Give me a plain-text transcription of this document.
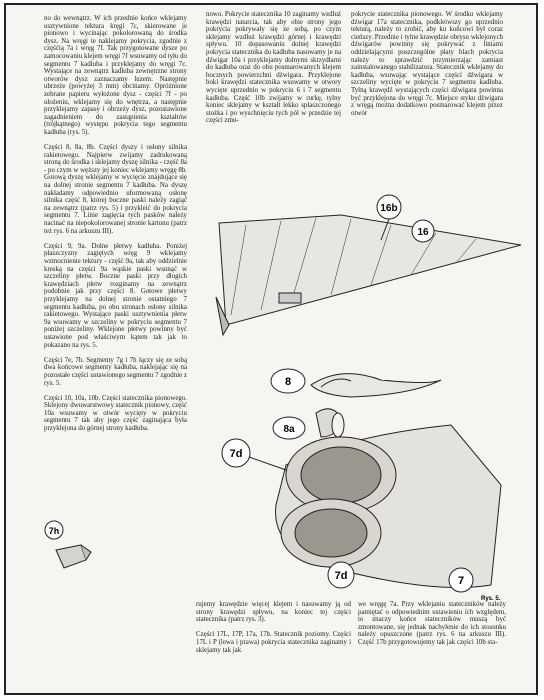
no do wewnątrz. W ich przednie końce wklejamy usztywnione tektura kręgi 7c, skierowane je pionowo i wycinając pokolorowaną do środka dysz. Na wręgi te naklejamy pokrycia, zgodnie z częśćią 7a i wręg 7f. Tak przygotowane dysze po zamocowaniu klejem wręgi 7f wsuwamy od tyłu do segmentu 7 kadłuba i przyklejamy do wręgi 7c. Wystające na zewnątrz kadłuba zewnętrzne strony otworów dysz zaznaczamy luzem. Następnie ubrzeże (powyżej 3 mm) obcinamy. Opróżnione zebrane papieru wyłożone dysz - części 7f - po ułożeniu, wklejamy się do wnętrza, a następnie przyklejamy zapasy i obrzeży dysz, pozostawione zagadnieniem do zastąpienia kształtów (trójkątnego) występu pokrycia tego segmentu kadłuba (rys. 5).

Części 8, 8a, 8b. Części dyszy i osłony silnika rakietowego. Najpierw zwijamy zadrukowaną stroną do środka i sklejamy dyszę silnika - część 8a - po czym w węższy jej koniec wklejamy wręgę 8b. Gotową dyszę wklejamy w wycięcie znajdujące się na dolnej stronie segmentu 7 kadłuba. Na dyszę nakładamy odpowiednio uformowaną osłonę silnika część 8, której boczne paski należy zagiąć na zewnątrz (patrz rys. 5) i przykleić do pokrycia segmentu 7. Linie zagięcia tych pasków należy nacinać na niepokolorowanej stronie kartonu (patrz też rys. 6 na arkuszu III).

Części 9, 9a. Dolne płetwy kadłuba. Poniżej płaszczyzny zagiętych wręg 9 wklejamy wzmocnienie tektury - część 9a, tak aby oddzielnie kreską na części 9a wąskie paski wsunąć w szczeliny płetw. Boczne paski przy długich krawędziach płetw rozginamy na zewnątrz podobnie jak przy części 8. Gotowe płetwy przyklejamy na dolnej stronie ostatniego 7 segmentu kadłuba, po obu stronach osłony silnika rakietowego. Wystające paski usztywnienia płetw 9a wsuwamy w szczeliny w pokryciu segmentu 7 poniżej szczeliny. Wklejone płetwy powinny być ustawione pod właściwym kątem tak jak to pokazano na rys. 5.

Części 7e, 7h. Segmenty 7g i 7h łączy się ze sobą dwa końcowe segmenty kadłuba, naklejając się na pozostałe części ustawionego segmentu 7 zgodnie z rys. 5.

Części 10, 10a, 10b. Części statecznika pionowego. Sklejony dwuwarstwowy statecznik pionowy, część 10a wsuwamy w otwór wycięty w pokryciu segmentu 7 tak aby jego część zaginająca była przyklejona do górnej strony kadłuba.
nowo. Pokrycie statecznika 10 zaginamy wzdłuż krawędzi natarcia, tak aby obie strony jego pokrycia pokrywały się ze sobą, po czym sklejamy wzdłuż krawędzi górnej i krawędzi spływu. 10 dopasowaniu dolnej krawędzi pokrycia statecznika do kadłuba nasuwamy je na dźwigar 10a i przyklejamy dolnymi skrzydłami do kadłuba oraz do obu posmarowanych klejem bocznych powierzchni dźwigara. Przyklejone boki krawędzi statecznika wsuwamy w otwory wycięte uprzednio w pokryciu 6 i 7 segmentu kadłuba. Część 10b zwijamy w rurkę, tylny koniec sklejamy w kształt lekko spłaszczonego stożka i po wyschnięciu tych pól w przedzie tej części zmu-
pokrycie statecznika pionowego. W środku wklejamy dźwigar 17a statecznika, podkleiwszy go uprzednio tekturą, należy to zrobić, aby ku końcowi był coraz cieńszy. Przednie i tylne krawędzie obrysu wklejonych dźwigarów powinny się pokrywać z liniami oddzielającymi poszczególne płaty blach pokrycia należy to sprawdzić przymierzając zamiast zainstalowanego stabilizatora. Statecznik wklejamy do kadłuba, wsuwając wystające części dźwigara w szczeliny wycięte w pokryciu 7 segmentu kadłuba. Tylną krawędź wystających części dźwigara powinna być przyklejona do wręgi 7c. Miejsce styku dźwigara z wręgą można dodatkowo posmarować klejem przez otwór
rujemy krawędzie więcej klejem i nasuwamy ją od strony krawędzi spływu, na koniec tej części statecznika (patrz rys. 3).

Części 17L, 17P, 17a, 17b. Statecznik poziomy. Części 17L i P (lewa i prawa) pokrycia statecznika zaginamy i sklejamy tak jak
we wręgę 7a. Przy wklejaniu stateczników należy pamiętać o odpowiednim ustawieniu ich względem, to znaczy końce stateczników muszą być zmontowane, się jednak nachylenie do ich stosunku należy opuszczone (patrz rys. 6 na arkuszu III). Część 17b przygotowujemy tak jak części 10b sta-
16b
16
8
8a
7d
7d	7
Rys. 5.
7h
